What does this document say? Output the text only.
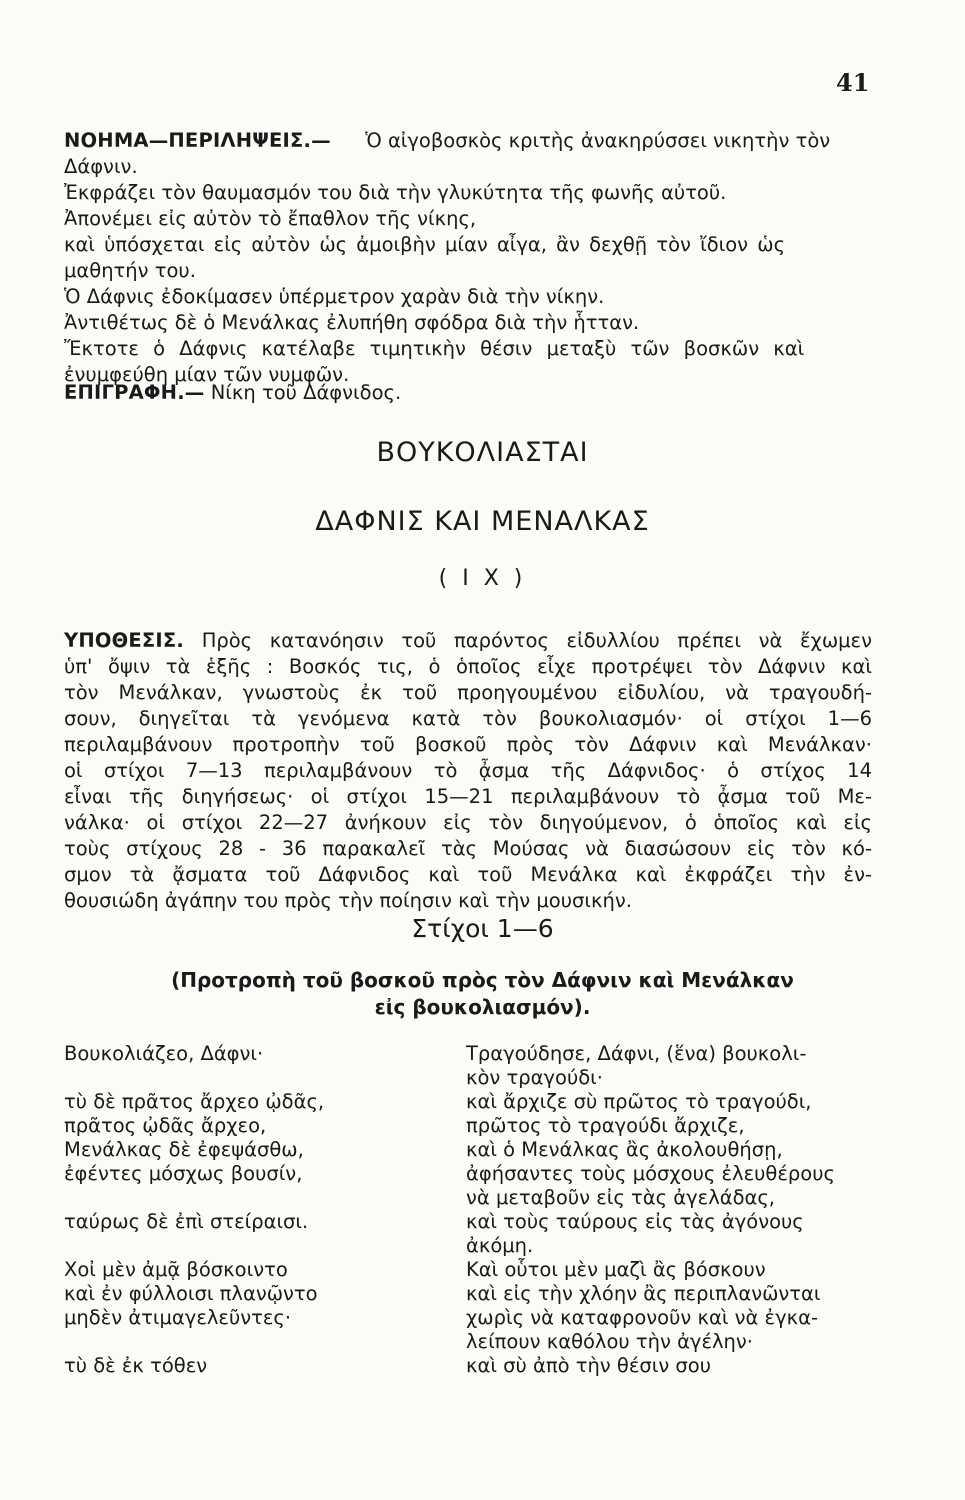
41
ΝΟΗΜΑ—ΠΕΡΙΛΗΨΕΙΣ.— Ὁ αἰγοβοσκὸς κριτὴς ἀνακηρύσσει νικητὴν τὸν
Δάφνιν.
Ἐκφράζει τὸν θαυμασμόν του διὰ τὴν γλυκύτητα τῆς φωνῆς αὐτοῦ.
Ἀπονέμει εἰς αὐτὸν τὸ ἔπαθλον τῆς νίκης,
καὶ ὑπόσχεται εἰς αὐτὸν ὡς ἀμοιβὴν μίαν αἶγα, ἂν δεχθῇ τὸν ἴδιον ὡς
μαθητήν του.
Ὁ Δάφνις ἐδοκίμασεν ὑπέρμετρον χαρὰν διὰ τὴν νίκην.
Ἀντιθέτως δὲ ὁ Μενάλκας ἐλυπήθη σφόδρα διὰ τὴν ἧτταν.
Ἔκτοτε ὁ Δάφνις κατέλαβε τιμητικὴν θέσιν μεταξὺ τῶν βοσκῶν καὶ
ἐνυμφεύθη μίαν τῶν νυμφῶν.
ΕΠΙΓΡΑΦΗ.— Νίκη τοῦ Δάφνιδος.
ΒΟΥΚΟΛΙΑΣΤΑΙ
ΔΑΦΝΙΣ ΚΑΙ ΜΕΝΑΛΚΑΣ
( I X )
ΥΠΟΘΕΣΙΣ. Πρὸς κατανόησιν τοῦ παρόντος εἰδυλλίου πρέπει νὰ ἔχωμεν
ὑπ' ὄψιν τὰ ἑξῆς : Βοσκός τις, ὁ ὁποῖος εἶχε προτρέψει τὸν Δάφνιν καὶ
τὸν Μενάλκαν, γνωστοὺς ἐκ τοῦ προηγουμένου εἰδυλίου, νὰ τραγουδή-
σουν, διηγεῖται τὰ γενόμενα κατὰ τὸν βουκολιασμόν· οἱ στίχοι 1—6
περιλαμβάνουν προτροπὴν τοῦ βοσκοῦ πρὸς τὸν Δάφνιν καὶ Μενάλκαν·
οἱ στίχοι 7—13 περιλαμβάνουν τὸ ᾆσμα τῆς Δάφνιδος· ὁ στίχος 14
εἶναι τῆς διηγήσεως· οἱ στίχοι 15—21 περιλαμβάνουν τὸ ᾆσμα τοῦ Με-
νάλκα· οἱ στίχοι 22—27 ἀνήκουν εἰς τὸν διηγούμενον, ὁ ὁποῖος καὶ εἰς
τοὺς στίχους 28 - 36 παρακαλεῖ τὰς Μούσας νὰ διασώσουν εἰς τὸν κό-
σμον τὰ ᾄσματα τοῦ Δάφνιδος καὶ τοῦ Μενάλκα καὶ ἐκφράζει τὴν ἐν-
θουσιώδη ἀγάπην του πρὸς τὴν ποίησιν καὶ τὴν μουσικήν.
Στίχοι 1—6
(Προτροπὴ τοῦ βοσκοῦ πρὸς τὸν Δάφνιν καὶ Μενάλκαν
εἰς βουκολιασμόν).
Βουκολιάζεο, Δάφνι·
τὺ δὲ πρᾶτος ἄρχεο ᾠδᾶς,
πρᾶτος ᾠδᾶς ἄρχεο,
Μενάλκας δὲ ἐφεψάσθω,
ἐφέντες μόσχως βουσίν,
ταύρως δὲ ἐπὶ στείραισι.
Χοἰ μὲν ἀμᾷ βόσκοιντο
καὶ ἐν φύλλοισι πλανῷντο
μηδὲν ἀτιμαγελεῦντες·
τὺ δὲ ἐκ τόθεν
Τραγούδησε, Δάφνι, (ἕνα) βουκολι-
κὸν τραγούδι·
καὶ ἄρχιζε σὺ πρῶτος τὸ τραγούδι,
πρῶτος τὸ τραγούδι ἄρχιζε,
καὶ ὁ Μενάλκας ἂς ἀκολουθήσῃ,
ἀφήσαντες τοὺς μόσχους ἐλευθέρους
νὰ μεταβοῦν εἰς τὰς ἀγελάδας,
καὶ τοὺς ταύρους εἰς τὰς ἀγόνους
ἀκόμη.
Καὶ οὗτοι μὲν μαζὶ ἂς βόσκουν
καὶ εἰς τὴν χλόην ἂς περιπλανῶνται
χωρὶς νὰ καταφρονοῦν καὶ νὰ ἐγκα-
λείπουν καθόλου τὴν ἀγέλην·
καὶ σὺ ἀπὸ τὴν θέσιν σου
